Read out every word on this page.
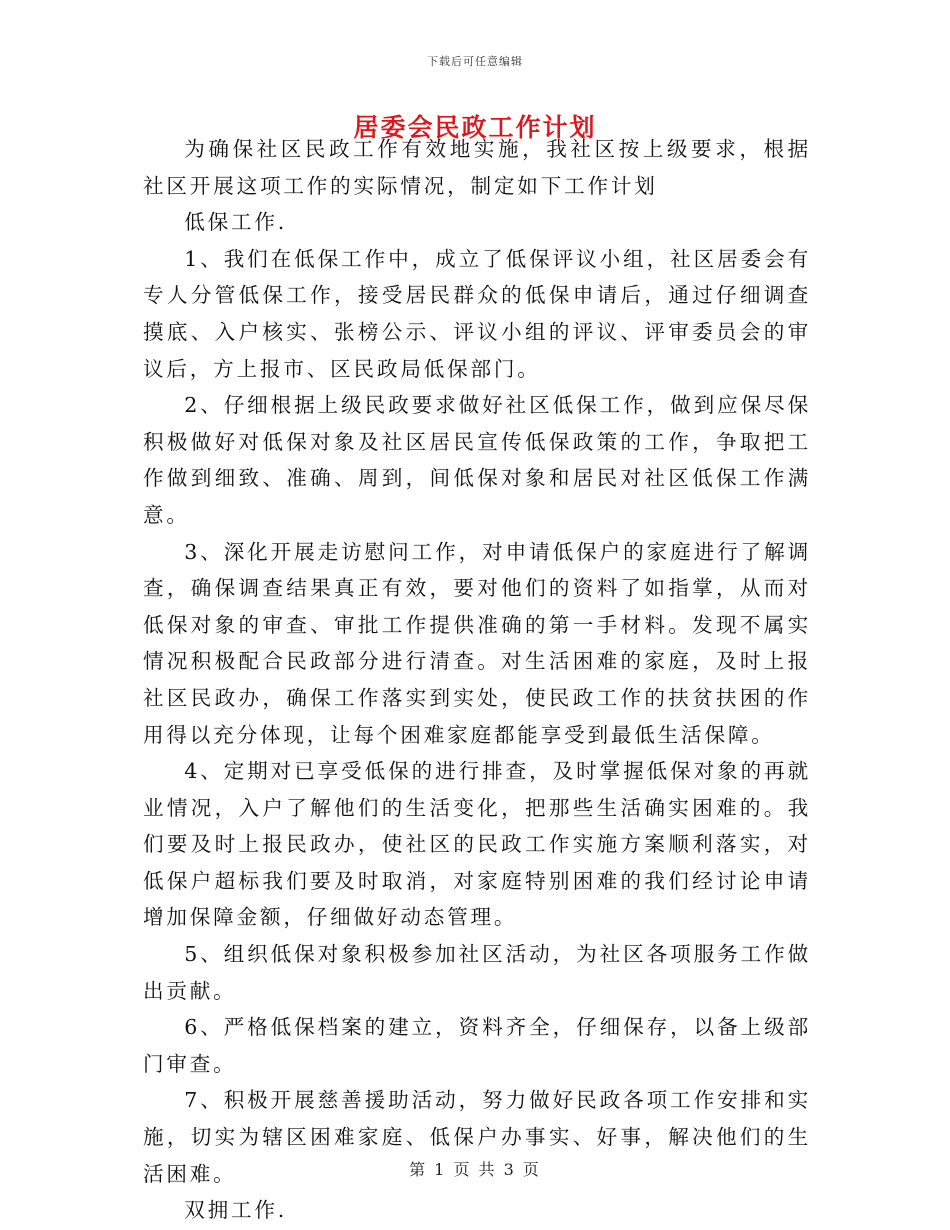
下载后可任意编辑
居委会民政工作计划

为确保社区民政工作有效地实施，我社区按上级要求，根据社区开展这项工作的实际情况，制定如下工作计划

低保工作.

1、我们在低保工作中，成立了低保评议小组，社区居委会有专人分管低保工作，接受居民群众的低保申请后，通过仔细调查摸底、入户核实、张榜公示、评议小组的评议、评审委员会的审议后，方上报市、区民政局低保部门。

2、仔细根据上级民政要求做好社区低保工作，做到应保尽保积极做好对低保对象及社区居民宣传低保政策的工作，争取把工作做到细致、准确、周到，间低保对象和居民对社区低保工作满意。

3、深化开展走访慰问工作，对申请低保户的家庭进行了解调查，确保调查结果真正有效，要对他们的资料了如指掌，从而对低保对象的审查、审批工作提供准确的第一手材料。发现不属实情况积极配合民政部分进行清查。对生活困难的家庭，及时上报社区民政办，确保工作落实到实处，使民政工作的扶贫扶困的作用得以充分体现，让每个困难家庭都能享受到最低生活保障。

4、定期对已享受低保的进行排查，及时掌握低保对象的再就业情况，入户了解他们的生活变化，把那些生活确实困难的。我们要及时上报民政办，使社区的民政工作实施方案顺利落实，对低保户超标我们要及时取消，对家庭特别困难的我们经讨论申请增加保障金额，仔细做好动态管理。

5、组织低保对象积极参加社区活动，为社区各项服务工作做出贡献。

6、严格低保档案的建立，资料齐全，仔细保存，以备上级部门审查。

7、积极开展慈善援助活动，努力做好民政各项工作安排和实施，切实为辖区困难家庭、低保户办事实、好事，解决他们的生活困难。

双拥工作.

第 1 页 共 3 页
